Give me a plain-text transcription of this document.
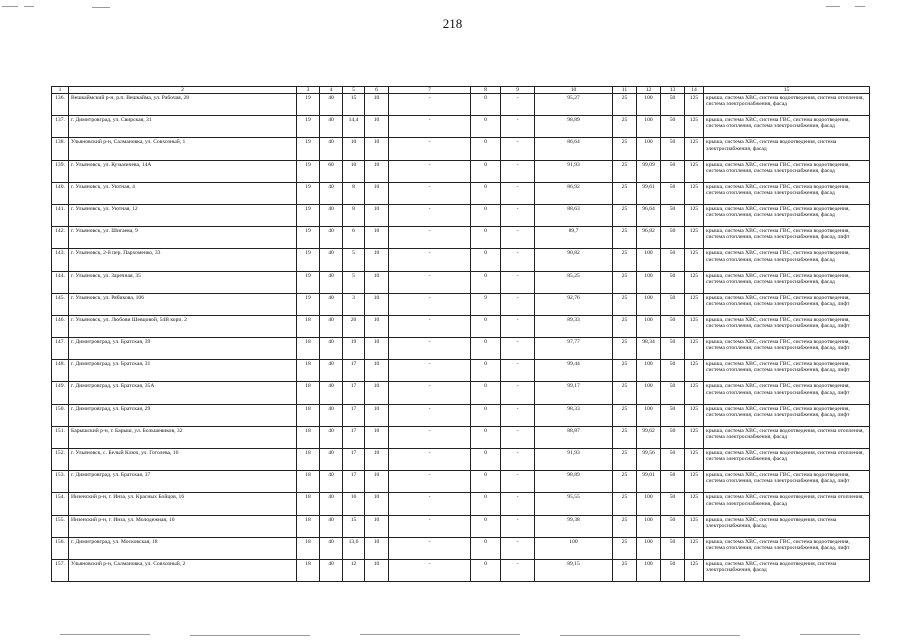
218
1	2	3	4	5	6	7	8	9	10	11	12	13	14	15
136.	Вешкаймский р-н, р.п. Вешкайма, ул. Рабочая, 28	19	40	15	10	-	0	-	95,27	25	100	50	125	крыша, система ХВС, система водоотведения, система отопления, система электроснабжения, фасад
137.	г. Димитровград, ул. Свирская, 31	19	40	14,4	10	-	0	-	98,89	25	100	50	125	крыша, система ХВС, система ГВС, система водоотведения, система отопления, система электроснабжения, фасад
138.	Ульяновский р-н, Салмановка, ул. Совхозный, 1	19	40	10	10	-	0	-	86,64	25	100	50	125	крыша, система ХВС, система водоотведения, система электроснабжения, фасад
139.	г. Ульяновск, ул. Кузьмичева, 14А	19	60	10	10	-	0	-	91,93	25	99,09	50	125	крыша, система ХВС, система ГВС, система водоотведения, система отопления, система электроснабжения, фасад
140.	г. Ульяновск, ул. Уютная, 4	19	40	8	10	-	0	-	86,92	25	99,61	50	125	крыша, система ХВС, система ГВС, система водоотведения, система отопления, система электроснабжения, фасад
141.	г. Ульяновск, ул. Уютная, 12	19	40	8	10	-	0	-	88,63	25	96,64	50	125	крыша, система ХВС, система ГВС, система водоотведения, система отопления, система электроснабжения, фасад
142.	г. Ульяновск, ул. Шигаева, 9	19	40	6	10	-	0	-	89,7	25	96,82	50	125	крыша, система ХВС, система ГВС, система водоотведения, система отопления, система электроснабжения, фасад, лифт
143.	г. Ульяновск, 2-й пер. Пархоменко, 33	19	40	5	10	-	0	-	90,82	25	100	50	125	крыша, система ХВС, система ГВС, система водоотведения, система отопления, система электроснабжения, фасад
144.	г. Ульяновск, ул. Заречная, 35	19	40	5	10	-	0	-	85,25	25	100	50	125	крыша, система ХВС, система ГВС, система водоотведения, система отопления, система электроснабжения, фасад
145.	г. Ульяновск, ул. Рябикова, 106	19	40	3	10	-	9	-	92,76	25	100	50	125	крыша, система ХВС, система ГВС, система водоотведения, система отопления, система электроснабжения, фасад, лифт
146.	г. Ульяновск, ул. Любови Шевцовой, 54В корп. 2	18	40	20	10	-	0	-	89,33	25	100	50	125	крыша, система ХВС, система ГВС, система водоотведения, система отопления, система электроснабжения, фасад, лифт
147.	г. Димитровград, ул. Братская, 39	18	40	19	10	-	0	-	97,77	25	98,34	50	125	крыша, система ХВС, система ГВС, система водоотведения, система отопления, система электроснабжения, фасад, лифт
148.	г. Димитровград, ул. Братская, 31	18	40	17	10	-	0	-	99,44	25	100	50	125	крыша, система ХВС, система ГВС, система водоотведения, система отопления, система электроснабжения, фасад, лифт
149.	г. Димитровград, ул. Братская, 35А	18	40	17	10	-	0	-	99,17	25	100	50	125	крыша, система ХВС, система ГВС, система водоотведения, система отопления, система электроснабжения, фасад, лифт
150.	г. Димитровград, ул. Братская, 29	18	40	17	10	-	0	-	98,33	25	100	50	125	крыша, система ХВС, система ГВС, система водоотведения, система отопления, система электроснабжения, фасад, лифт
151.	Барышский р-н, г. Барыш, ул. Большевиков, 32	18	40	17	10	-	0	-	88,87	25	99,62	50	125	крыша, система ХВС, система водоотведения, система отопления, система электроснабжения, фасад
152.	г. Ульяновск, с. Белый Ключ, ул. Гоголева, 16	18	40	17	10	-	0	-	91,93	25	99,56	50	125	крыша, система ХВС, система водоотведения, система отопления, система электроснабжения, фасад
153.	г. Димитровград, ул. Братская, 37	18	40	17	10	-	0	-	98,89	25	99,01	50	125	крыша, система ХВС, система ГВС, система водоотведения, система отопления, система электроснабжения, фасад, лифт
154.	Инзенский р-н, г. Инза, ул. Красных Бойцов, 16	18	40	16	10	-	0	-	95,55	25	100	50	125	крыша, система ХВС, система водоотведения, система отопления, система электроснабжения, фасад
155.	Инзенский р-н, г. Инза, ул. Молодежная, 10	18	40	15	10	-	0	-	99,38	25	100	50	125	крыша, система ХВС, система водоотведения, система электроснабжения, фасад
156.	г. Димитровград, ул. Московская, 18	18	40	13,6	10	-	0	-	100	25	100	50	125	крыша, система ХВС, система ГВС, система водоотведения, система отопления, система электроснабжения, фасад, лифт
157.	Ульяновский р-н, Салмановка, ул. Совхозный, 2	18	40	12	10	-	0	-	89,15	25	100	50	125	крыша, система ХВС, система водоотведения, система электроснабжения, фасад
